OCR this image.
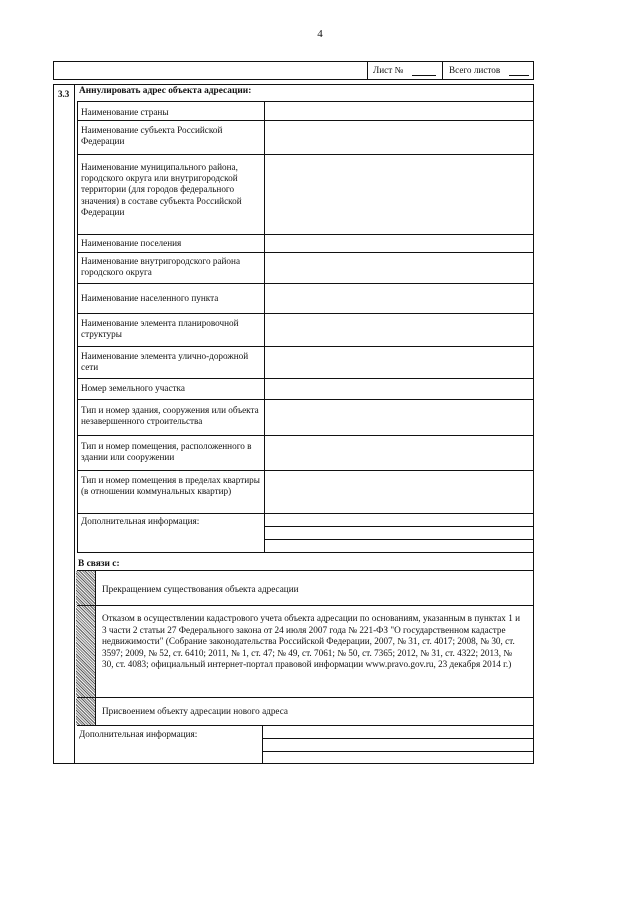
4
Лист №	Всего листов
3.3 Аннулировать адрес объекта адресации:
Наименование страны
Наименование субъекта Российской Федерации
Наименование муниципального района, городского округа или внутригородской территории (для городов федерального значения) в составе субъекта Российской Федерации
Наименование поселения
Наименование внутригородского района городского округа
Наименование населенного пункта
Наименование элемента планировочной структуры
Наименование элемента улично-дорожной сети
Номер земельного участка
Тип и номер здания, сооружения или объекта незавершенного строительства
Тип и номер помещения, расположенного в здании или сооружении
Тип и номер помещения в пределах квартиры (в отношении коммунальных квартир)
Дополнительная информация:
В связи с:
Прекращением существования объекта адресации
Отказом в осуществлении кадастрового учета объекта адресации по основаниям, указанным в пунктах 1 и 3 части 2 статьи 27 Федерального закона от 24 июля 2007 года № 221-ФЗ "О государственном кадастре недвижимости" (Собрание законодательства Российской Федерации, 2007, № 31, ст. 4017; 2008, № 30, ст. 3597; 2009, № 52, ст. 6410; 2011, № 1, ст. 47; № 49, ст. 7061; № 50, ст. 7365; 2012, № 31, ст. 4322; 2013, № 30, ст. 4083; официальный интернет-портал правовой информации www.pravo.gov.ru, 23 декабря 2014 г.)
Присвоением объекту адресации нового адреса
Дополнительная информация:
